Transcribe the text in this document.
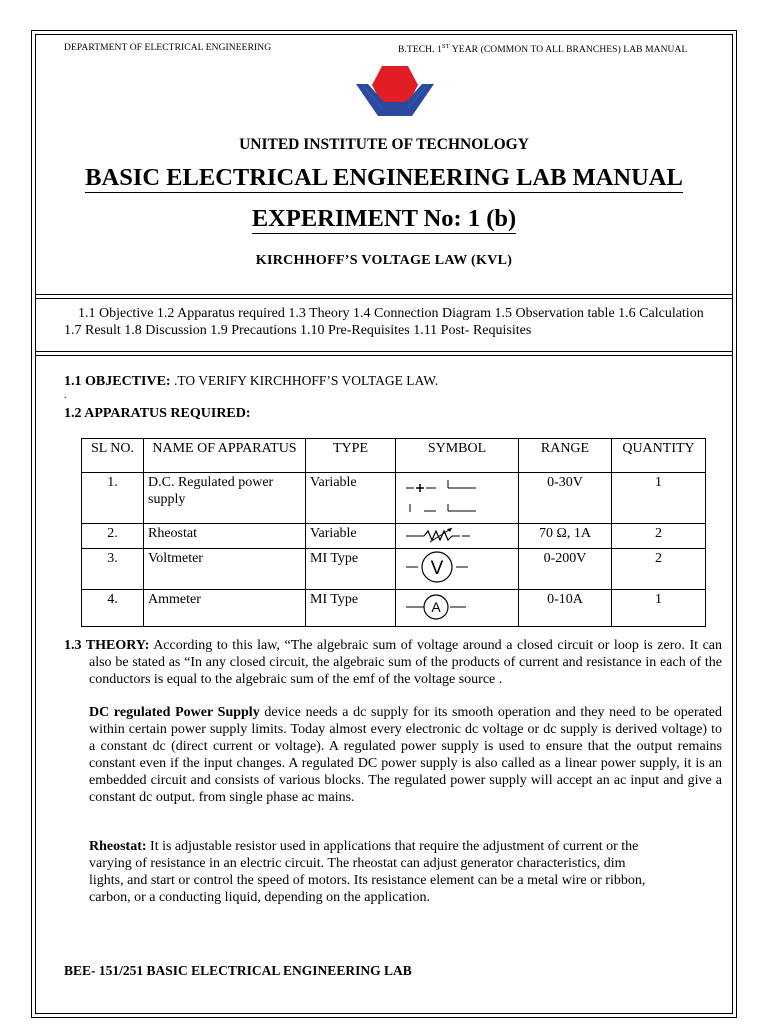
DEPARTMENT OF ELECTRICAL ENGINEERING	B.TECH. 1ST YEAR (COMMON TO ALL BRANCHES) LAB MANUAL
UNITED INSTITUTE OF TECHNOLOGY
BASIC ELECTRICAL ENGINEERING LAB MANUAL
EXPERIMENT No: 1 (b)
KIRCHHOFF’S VOLTAGE LAW (KVL)
1.1 Objective 1.2 Apparatus required 1.3 Theory 1.4 Connection Diagram 1.5 Observation table 1.6 Calculation 1.7 Result 1.8 Discussion 1.9 Precautions 1.10 Pre-Requisites 1.11 Post- Requisites
1.1 OBJECTIVE: .TO VERIFY KIRCHHOFF’S VOLTAGE LAW.
.
1.2 APPARATUS REQUIRED:
SL NO.	NAME OF APPARATUS	TYPE	SYMBOL	RANGE	QUANTITY
1.	D.C. Regulated power supply	Variable		0-30V	1
2.	Rheostat	Variable		70 Ω, 1A	2
3.	Voltmeter	MI Type	V	0-200V	2
4.	Ammeter	MI Type	A	0-10A	1
1.3 THEORY: According to this law, “The algebraic sum of voltage around a closed circuit or loop is zero. It can also be stated as “In any closed circuit, the algebraic sum of the products of current and resistance in each of the conductors is equal to the algebraic sum of the emf of the voltage source .
DC regulated Power Supply device needs a dc supply for its smooth operation and they need to be operated within certain power supply limits. Today almost every electronic dc voltage or dc supply is derived voltage) to a constant dc (direct current or voltage). A regulated power supply is used to ensure that the output remains constant even if the input changes. A regulated DC power supply is also called as a linear power supply, it is an embedded circuit and consists of various blocks. The regulated power supply will accept an ac input and give a constant dc output. from single phase ac mains.
Rheostat: It is adjustable resistor used in applications that require the adjustment of current or the
varying of resistance in an electric circuit. The rheostat can adjust generator characteristics, dim
lights, and start or control the speed of motors. Its resistance element can be a metal wire or ribbon,
carbon, or a conducting liquid, depending on the application.
BEE- 151/251 BASIC ELECTRICAL ENGINEERING LAB
